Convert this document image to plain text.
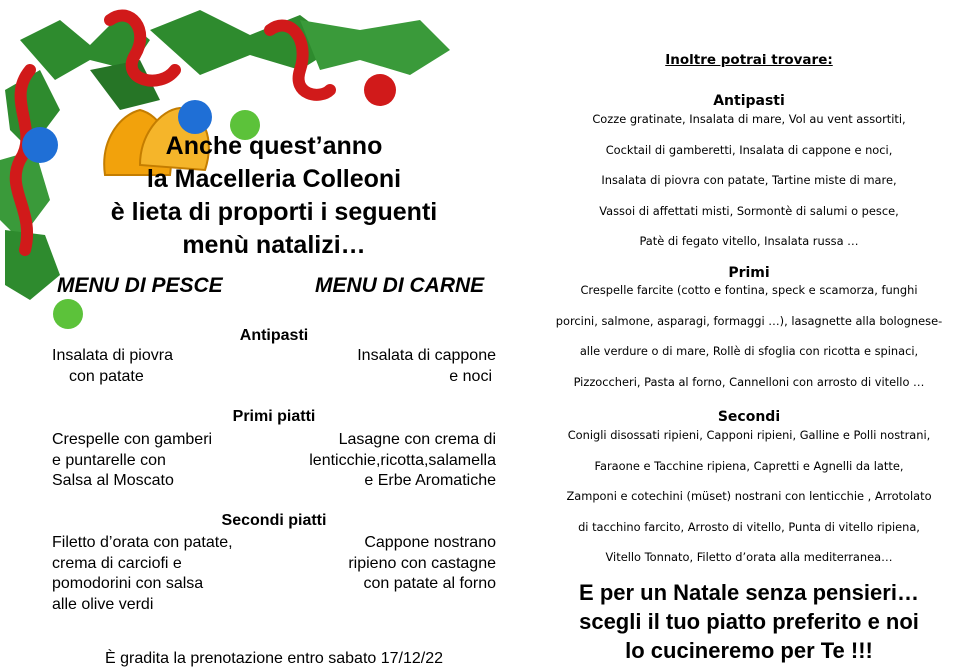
Anche quest’anno
la Macelleria Colleoni
è lieta di proporti i seguenti
menù natalizi…
MENU DI PESCE	MENU DI CARNE
Antipasti
Insalata di piovra
con patate
Insalata di cappone
e noci
Primi piatti
Crespelle con gamberi
e puntarelle con
Salsa al Moscato
Lasagne con crema di
lenticchie,ricotta,salamella
e Erbe Aromatiche
Secondi piatti
Filetto d’orata con patate,
crema di carciofi e
pomodorini con salsa
alle olive verdi
Cappone nostrano
ripieno con castagne
con patate al forno
È gradita la prenotazione entro sabato 17/12/22
Inoltre potrai trovare:
Antipasti
Cozze gratinate, Insalata di mare, Vol au vent assortiti,
Cocktail di gamberetti, Insalata di cappone e noci,
Insalata di piovra con patate, Tartine miste di mare,
Vassoi di affettati misti, Sormontè di salumi o pesce,
Patè di fegato vitello, Insalata russa …
Primi
Crespelle farcite (cotto e fontina, speck e scamorza, funghi
porcini, salmone, asparagi, formaggi …), lasagnette alla bolognese-
alle verdure o di mare, Rollè di sfoglia con ricotta e spinaci,
Pizzoccheri, Pasta al forno, Cannelloni con arrosto di vitello …
Secondi
Conigli disossati ripieni, Capponi ripieni, Galline e Polli nostrani,
Faraone e Tacchine ripiena, Capretti e Agnelli da latte,
Zamponi e cotechini (müset) nostrani con lenticchie , Arrotolato
di tacchino farcito, Arrosto di vitello, Punta di vitello ripiena,
Vitello Tonnato, Filetto d’orata alla mediterranea…
E per un Natale senza pensieri…
scegli il tuo piatto preferito e noi
lo cucineremo per Te !!!
